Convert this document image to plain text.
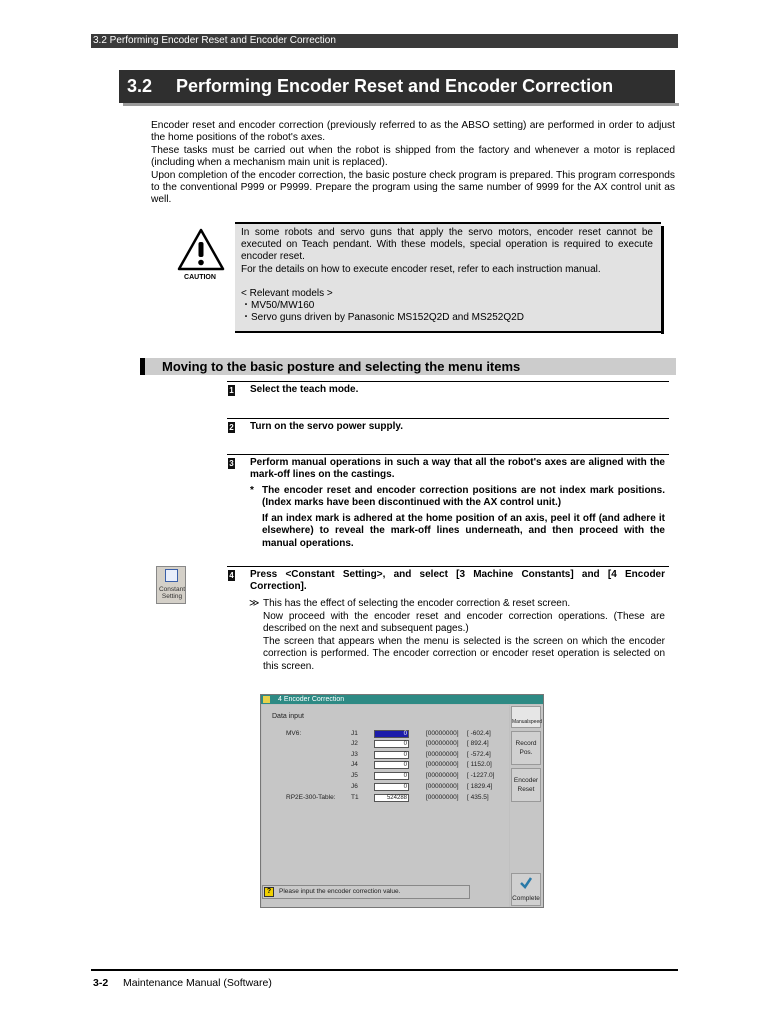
3.2 Performing Encoder Reset and Encoder Correction
3.2 Performing Encoder Reset and Encoder Correction

Encoder reset and encoder correction (previously referred to as the ABSO setting) are performed in order to adjust the home positions of the robot's axes.

These tasks must be carried out when the robot is shipped from the factory and whenever a motor is replaced (including when a mechanism main unit is replaced).

Upon completion of the encoder correction, the basic posture check program is prepared. This program corresponds to the conventional P999 or P9999. Prepare the program using the same number of 9999 for the AX control unit as well.

CAUTION

In some robots and servo guns that apply the servo motors, encoder reset cannot be executed on Teach pendant. With these models, special operation is required to execute encoder reset.

For the details on how to execute encoder reset, refer to each instruction manual.

< Relevant models >

・MV50/MW160

・Servo guns driven by Panasonic MS152Q2D and MS252Q2D

Moving to the basic posture and selecting the menu items
1 Select the teach mode.
2 Turn on the servo power supply.
3 Perform manual operations in such a way that all the robot's axes are aligned with the mark-off lines on the castings.
* The encoder reset and encoder correction positions are not index mark positions. (Index marks have been discontinued with the AX control unit.)
If an index mark is adhered at the home position of an axis, peel it off (and adhere it elsewhere) to reveal the mark-off lines underneath, and then proceed with the manual operations.
4 Press <Constant Setting>, and select [3 Machine Constants] and [4 Encoder Correction].
≫ This has the effect of selecting the encoder correction & reset screen.
Now proceed with the encoder reset and encoder correction operations. (These are described on the next and subsequent pages.)
The screen that appears when the menu is selected is the screen on which the encoder correction is performed. The encoder correction or encoder reset operation is selected on this screen.
Constant
Setting
4 Encoder Correction
Data input
MV6:
RP2E-300-Table:
J1	0	[00000000] [ -602.4]
J2	0	[00000000] [ 892.4]
J3	0	[00000000] [ -572.4]
J4	0	[00000000] [ 1152.0]
J5	0	[00000000] [ -1227.0]
J6	0	[00000000] [ 1829.4]
T1	524288	[00000000] [ 435.5]
Manualspeed
Record
Pos.
Encoder
Reset
Complete
?	Please input the encoder correction value.
3-2 Maintenance Manual (Software)
